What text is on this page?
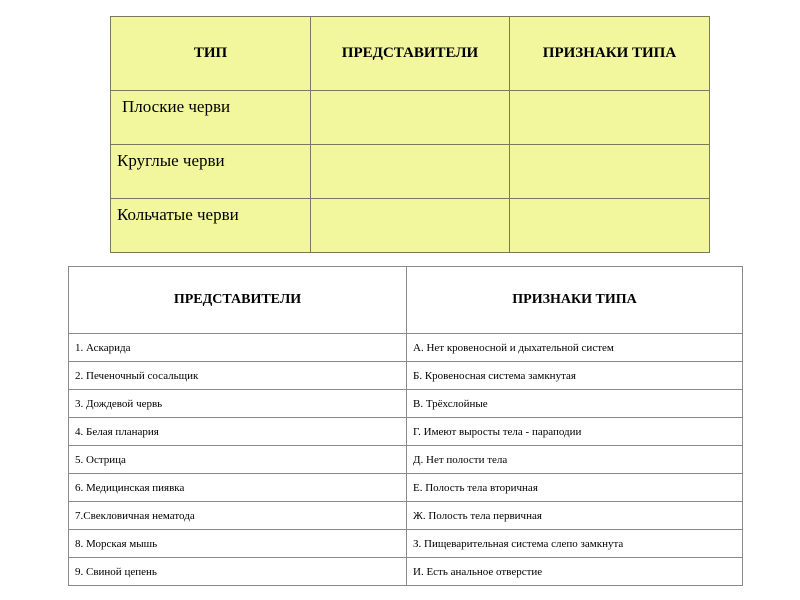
ТИП	ПРЕДСТАВИТЕЛИ	ПРИЗНАКИ ТИПА

Плоские черви		

Круглые черви		

Кольчатые черви		

ПРЕДСТАВИТЕЛИ	ПРИЗНАКИ ТИПА
1. Аскарида	А. Нет кровеносной и дыхательной систем
2. Печеночный сосальщик	Б. Кровеносная система замкнутая
3. Дождевой червь	В. Трёхслойные
4. Белая планария	Г. Имеют выросты тела - параподии
5. Острица	Д. Нет полости тела
6. Медицинская пиявка	Е. Полость тела вторичная
7.Свекловичная нематода	Ж. Полость тела первичная
8. Морская мышь	З. Пищеварительная система слепо замкнута
9. Свиной цепень	И. Есть анальное отверстие
